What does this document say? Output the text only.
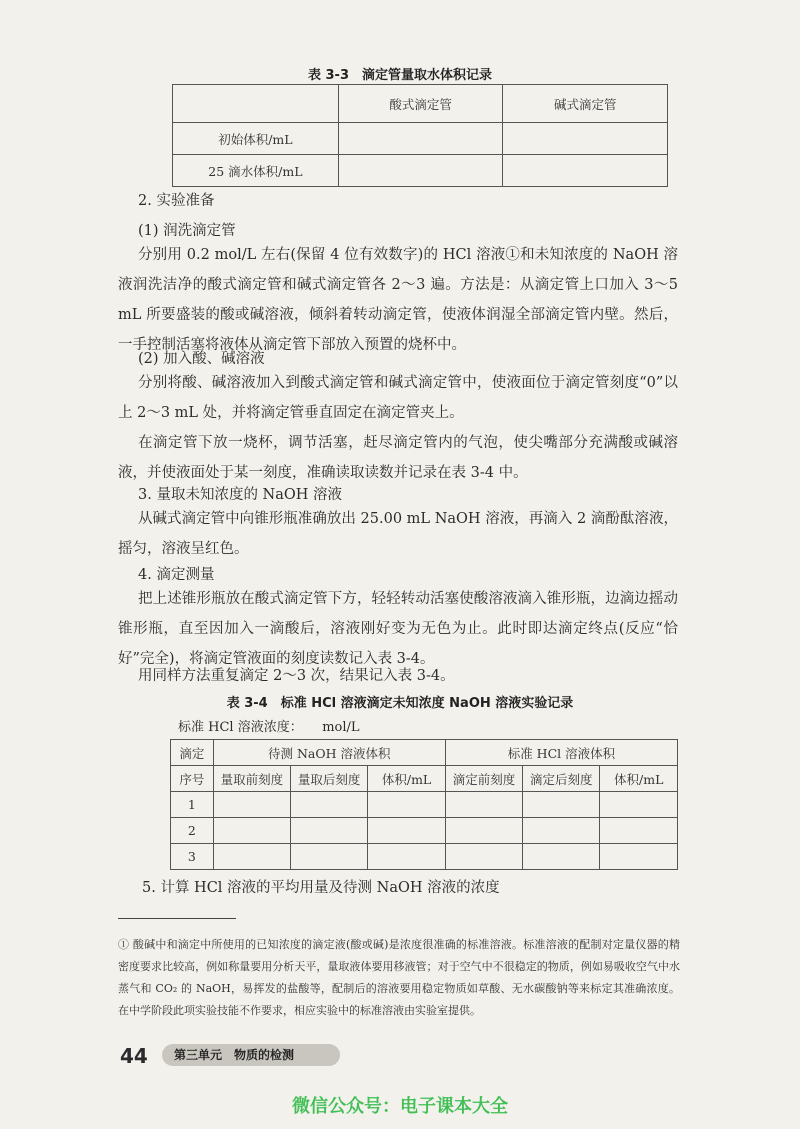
表 3-3　滴定管量取水体积记录
	酸式滴定管	碱式滴定管
初始体积/mL		
25 滴水体积/mL		
2. 实验准备
(1) 润洗滴定管
分别用 0.2 mol/L 左右(保留 4 位有效数字)的 HCl 溶液①和未知浓度的 NaOH 溶液润洗洁净的酸式滴定管和碱式滴定管各 2～3 遍。方法是：从滴定管上口加入 3～5 mL 所要盛装的酸或碱溶液，倾斜着转动滴定管，使液体润湿全部滴定管内壁。然后，一手控制活塞将液体从滴定管下部放入预置的烧杯中。
(2) 加入酸、碱溶液
分别将酸、碱溶液加入到酸式滴定管和碱式滴定管中，使液面位于滴定管刻度“0”以上 2～3 mL 处，并将滴定管垂直固定在滴定管夹上。
在滴定管下放一烧杯，调节活塞，赶尽滴定管内的气泡，使尖嘴部分充满酸或碱溶液，并使液面处于某一刻度，准确读取读数并记录在表 3-4 中。
3. 量取未知浓度的 NaOH 溶液
从碱式滴定管中向锥形瓶准确放出 25.00 mL NaOH 溶液，再滴入 2 滴酚酞溶液，摇匀，溶液呈红色。
4. 滴定测量
把上述锥形瓶放在酸式滴定管下方，轻轻转动活塞使酸溶液滴入锥形瓶，边滴边摇动锥形瓶，直至因加入一滴酸后，溶液刚好变为无色为止。此时即达滴定终点(反应“恰好”完全)，将滴定管液面的刻度读数记入表 3-4。
用同样方法重复滴定 2～3 次，结果记入表 3-4。
表 3-4　标准 HCl 溶液滴定未知浓度 NaOH 溶液实验记录
标准 HCl 溶液浓度：　　mol/L
滴定	待测 NaOH 溶液体积			标准 HCl 溶液体积		
序号	量取前刻度	量取后刻度	体积/mL	滴定前刻度	滴定后刻度	体积/mL
1						
2						
3						
5. 计算 HCl 溶液的平均用量及待测 NaOH 溶液的浓度
① 酸碱中和滴定中所使用的已知浓度的滴定液(酸或碱)是浓度很准确的标准溶液。标准溶液的配制对定量仪器的精密度要求比较高，例如称量要用分析天平，量取液体要用移液管；对于空气中不很稳定的物质，例如易吸收空气中水蒸气和 CO₂ 的 NaOH，易挥发的盐酸等，配制后的溶液要用稳定物质如草酸、无水碳酸钠等来标定其准确浓度。在中学阶段此项实验技能不作要求，相应实验中的标准溶液由实验室提供。
44	第三单元　物质的检测
微信公众号：电子课本大全
